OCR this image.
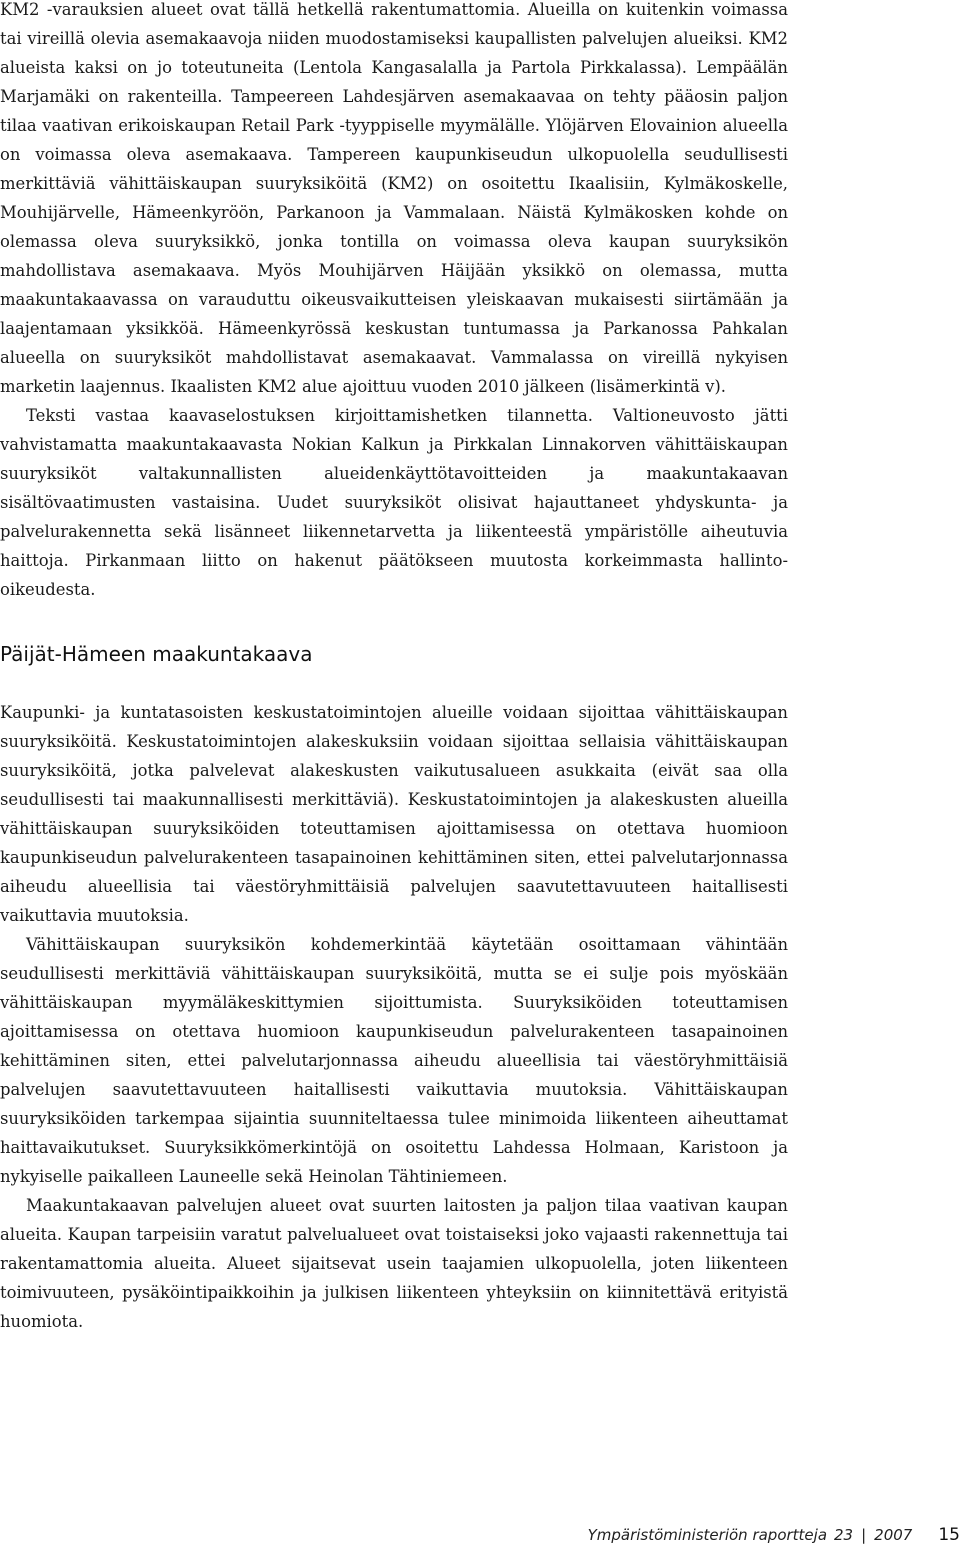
KM2 -varauksien alueet ovat tällä hetkellä rakentumattomia. Alueilla on kuitenkin voimassa tai vireillä olevia asemakaavoja niiden muodostamiseksi kaupallisten palvelujen alueiksi. KM2 alueista kaksi on jo toteutuneita (Lentola Kangasalalla ja Partola Pirkkalassa). Lempäälän Marjamäki on rakenteilla. Tampeereen Lahdesjärven asemakaavaa on tehty pääosin paljon tilaa vaativan erikoiskaupan Retail Park -tyyppiselle myymälälle. Ylöjärven Elovainion alueella on voimassa oleva asemakaava. Tampereen kaupunkiseudun ulkopuolella seudullisesti merkittäviä vähittäiskaupan suuryksiköitä (KM2) on osoitettu Ikaalisiin, Kylmäkoskelle, Mouhijärvelle, Hämeenkyröön, Parkanoon ja Vammalaan. Näistä Kylmäkosken kohde on olemassa oleva suuryksikkö, jonka tontilla on voimassa oleva kaupan suuryksikön mahdollistava asemakaava. Myös Mouhijärven Häijään yksikkö on olemassa, mutta maakuntakaavassa on varauduttu oikeusvaikutteisen yleiskaavan mukaisesti siirtämään ja laajentamaan yksikköä. Hämeenkyrössä keskustan tuntumassa ja Parkanossa Pahkalan alueella on suuryksiköt mahdollistavat asemakaavat. Vammalassa on vireillä nykyisen marketin laajennus. Ikaalisten KM2 alue ajoittuu vuoden 2010 jälkeen (lisämerkintä v).

Teksti vastaa kaavaselostuksen kirjoittamishetken tilannetta. Valtioneuvosto jätti vahvistamatta maakuntakaavasta Nokian Kalkun ja Pirkkalan Linnakorven vähittäiskaupan suuryksiköt valtakunnallisten alueidenkäyttötavoitteiden ja maakuntakaavan sisältövaatimusten vastaisina. Uudet suuryksiköt olisivat hajauttaneet yhdyskunta- ja palvelurakennetta sekä lisänneet liikennetarvetta ja liikenteestä ympäristölle aiheutuvia haittoja. Pirkanmaan liitto on hakenut päätökseen muutosta korkeimmasta hallinto-oikeudesta.

Päijät-Hämeen maakuntakaava

Kaupunki- ja kuntatasoisten keskustatoimintojen alueille voidaan sijoittaa vähittäiskaupan suuryksiköitä. Keskustatoimintojen alakeskuksiin voidaan sijoittaa sellaisia vähittäiskaupan suuryksiköitä, jotka palvelevat alakeskusten vaikutusalueen asukkaita (eivät saa olla seudullisesti tai maakunnallisesti merkittäviä). Keskustatoimintojen ja alakeskusten alueilla vähittäiskaupan suuryksiköiden toteuttamisen ajoittamisessa on otettava huomioon kaupunkiseudun palvelurakenteen tasapainoinen kehittäminen siten, ettei palvelutarjonnassa aiheudu alueellisia tai väestöryhmittäisiä palvelujen saavutettavuuteen haitallisesti vaikuttavia muutoksia.

Vähittäiskaupan suuryksikön kohdemerkintää käytetään osoittamaan vähintään seudullisesti merkittäviä vähittäiskaupan suuryksiköitä, mutta se ei sulje pois myöskään vähittäiskaupan myymäläkeskittymien sijoittumista. Suuryksiköiden toteuttamisen ajoittamisessa on otettava huomioon kaupunkiseudun palvelurakenteen tasapainoinen kehittäminen siten, ettei palvelutarjonnassa aiheudu alueellisia tai väestöryhmittäisiä palvelujen saavutettavuuteen haitallisesti vaikuttavia muutoksia. Vähittäiskaupan suuryksiköiden tarkempaa sijaintia suunniteltaessa tulee minimoida liikenteen aiheuttamat haittavaikutukset. Suuryksikkömerkintöjä on osoitettu Lahdessa Holmaan, Karistoon ja nykyiselle paikalleen Launeelle sekä Heinolan Tähtiniemeen.

Maakuntakaavan palvelujen alueet ovat suurten laitosten ja paljon tilaa vaativan kaupan alueita. Kaupan tarpeisiin varatut palvelualueet ovat toistaiseksi joko vajaasti rakennettuja tai rakentamattomia alueita. Alueet sijaitsevat usein taajamien ulkopuolella, joten liikenteen toimivuuteen, pysäköintipaikkoihin ja julkisen liikenteen yhteyksiin on kiinnitettävä erityistä huomiota.

Ympäristöministeriön raportteja 23 | 2007 15
